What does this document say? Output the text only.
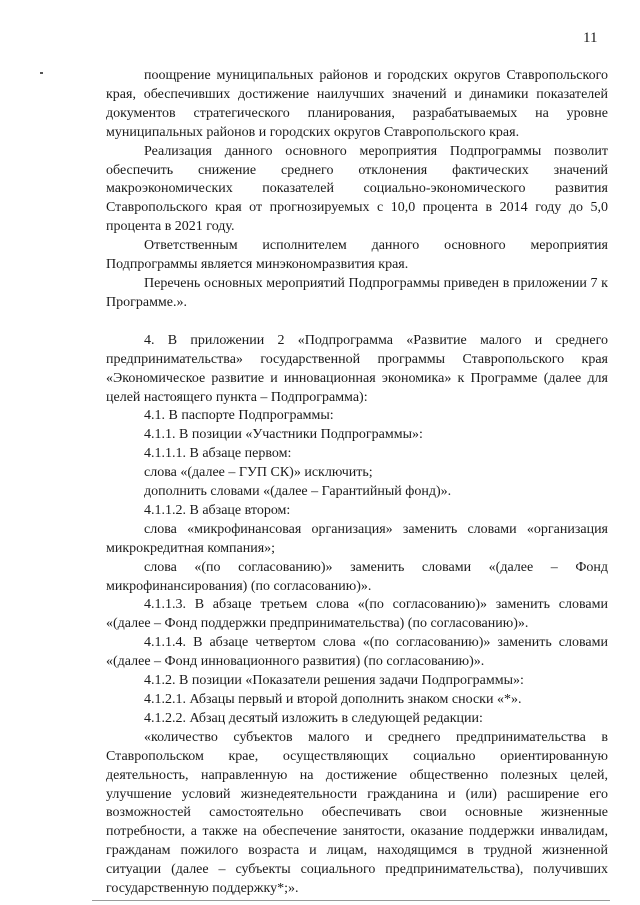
11

поощрение муниципальных районов и городских округов Ставропольского края, обеспечивших достижение наилучших значений и динамики показателей документов стратегического планирования, разрабатываемых на уровне муниципальных районов и городских округов Ставропольского края.

Реализация данного основного мероприятия Подпрограммы позволит обеспечить снижение среднего отклонения фактических значений макроэкономических показателей социально-экономического развития Ставропольского края от прогнозируемых с 10,0 процента в 2014 году до 5,0 процента в 2021 году.

Ответственным исполнителем данного основного мероприятия Подпрограммы является минэкономразвития края.

Перечень основных мероприятий Подпрограммы приведен в приложении 7 к Программе.».

4. В приложении 2 «Подпрограмма «Развитие малого и среднего предпринимательства» государственной программы Ставропольского края «Экономическое развитие и инновационная экономика» к Программе (далее для целей настоящего пункта – Подпрограмма):

4.1. В паспорте Подпрограммы:

4.1.1. В позиции «Участники Подпрограммы»:

4.1.1.1. В абзаце первом:

слова «(далее – ГУП СК)» исключить;

дополнить словами «(далее – Гарантийный фонд)».

4.1.1.2. В абзаце втором:

слова «микрофинансовая организация» заменить словами «организация микрокредитная компания»;

слова «(по согласованию)» заменить словами «(далее – Фонд микрофинансирования) (по согласованию)».

4.1.1.3. В абзаце третьем слова «(по согласованию)» заменить словами «(далее – Фонд поддержки предпринимательства) (по согласованию)».

4.1.1.4. В абзаце четвертом слова «(по согласованию)» заменить словами «(далее – Фонд инновационного развития) (по согласованию)».

4.1.2. В позиции «Показатели решения задачи Подпрограммы»:

4.1.2.1. Абзацы первый и второй дополнить знаком сноски «*».

4.1.2.2. Абзац десятый изложить в следующей редакции:

«количество субъектов малого и среднего предпринимательства в Ставропольском крае, осуществляющих социально ориентированную деятельность, направленную на достижение общественно полезных целей, улучшение условий жизнедеятельности гражданина и (или) расширение его возможностей самостоятельно обеспечивать свои основные жизненные потребности, а также на обеспечение занятости, оказание поддержки инвалидам, гражданам пожилого возраста и лицам, находящимся в трудной жизненной ситуации (далее – субъекты социального предпринимательства), получивших государственную поддержку*;».
